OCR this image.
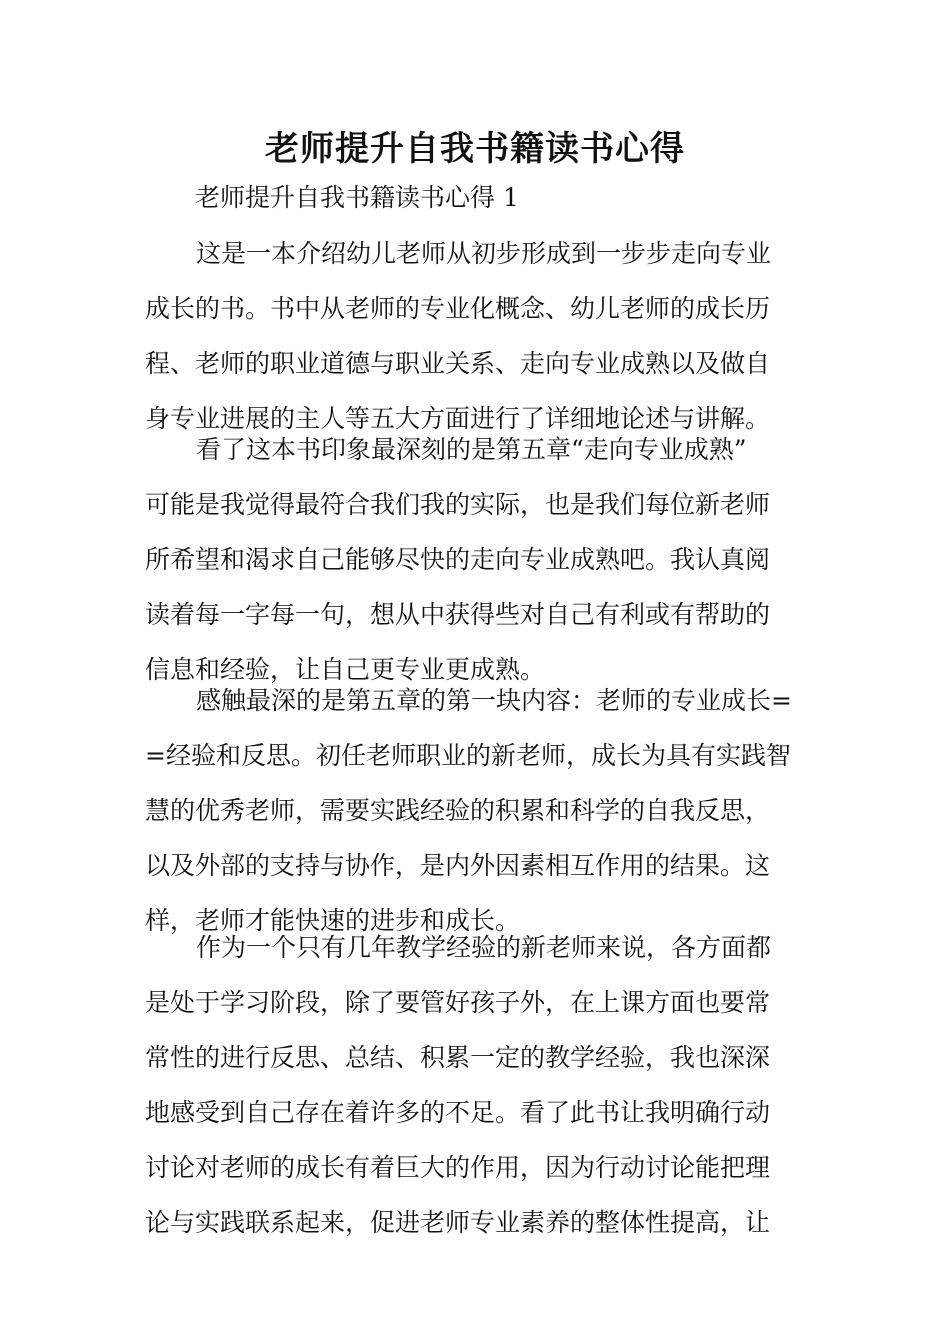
老师提升自我书籍读书心得

老师提升自我书籍读书心得 1

这是一本介绍幼儿老师从初步形成到一步步走向专业
成长的书。书中从老师的专业化概念、幼儿老师的成长历
程、老师的职业道德与职业关系、走向专业成熟以及做自
身专业进展的主人等五大方面进行了详细地论述与讲解。
看了这本书印象最深刻的是第五章“走向专业成熟”
可能是我觉得最符合我们我的实际，也是我们每位新老师
所希望和渴求自己能够尽快的走向专业成熟吧。我认真阅
读着每一字每一句，想从中获得些对自己有利或有帮助的
信息和经验，让自己更专业更成熟。
感触最深的是第五章的第一块内容：老师的专业成长=
=经验和反思。初任老师职业的新老师，成长为具有实践智
慧的优秀老师，需要实践经验的积累和科学的自我反思，
以及外部的支持与协作，是内外因素相互作用的结果。这
样，老师才能快速的进步和成长。
作为一个只有几年教学经验的新老师来说，各方面都
是处于学习阶段，除了要管好孩子外，在上课方面也要常
常性的进行反思、总结、积累一定的教学经验，我也深深
地感受到自己存在着许多的不足。看了此书让我明确行动
讨论对老师的成长有着巨大的作用，因为行动讨论能把理
论与实践联系起来，促进老师专业素养的整体性提高，让
